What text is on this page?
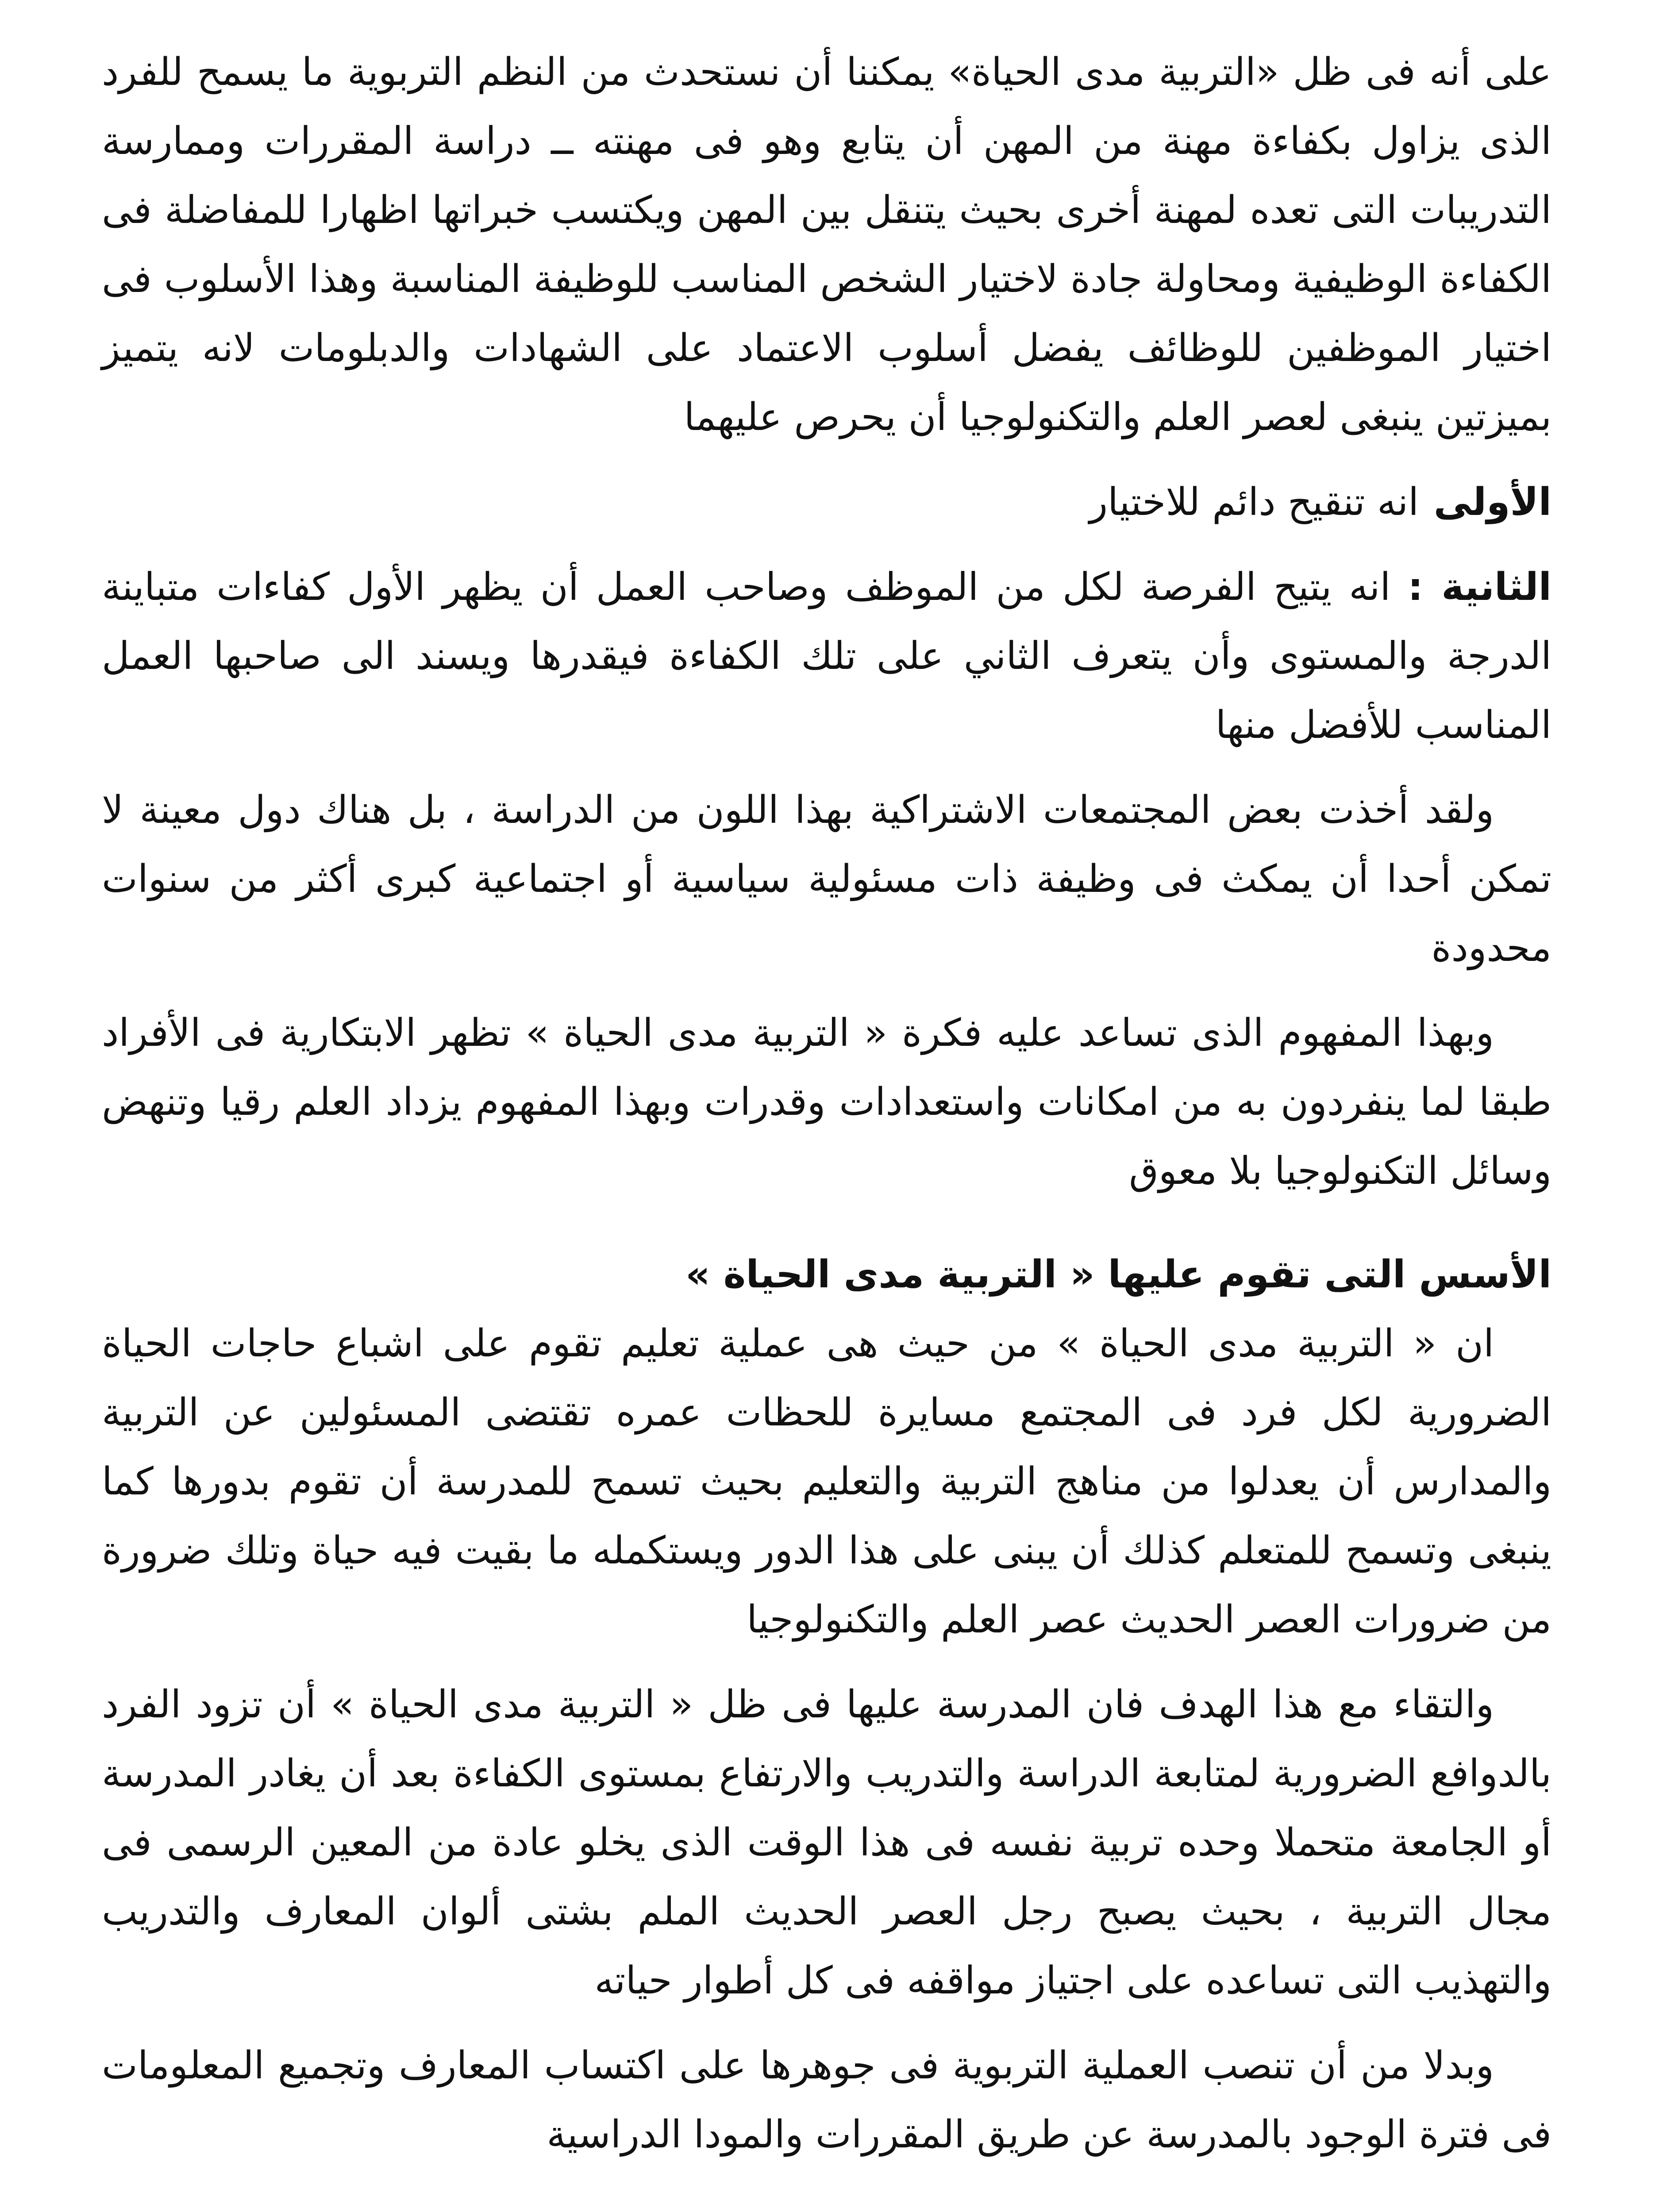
على أنه فى ظل «التربية مدى الحياة» يمكننا أن نستحدث من النظم التربوية ما يسمح للفرد الذى يزاول بكفاءة مهنة من المهن أن يتابع وهو فى مهنته ــ دراسة المقررات وممارسة التدريبات التى تعده لمهنة أخرى بحيث يتنقل بين المهن ويكتسب خبراتها اظهارا للمفاضلة فى الكفاءة الوظيفية ومحاولة جادة لاختيار الشخص المناسب للوظيفة المناسبة وهذا الأسلوب فى اختيار الموظفين للوظائف يفضل أسلوب الاعتماد على الشهادات والدبلومات لانه يتميز بميزتين ينبغى لعصر العلم والتكنولوجيا أن يحرص عليهما

الأولىانه تنقيح دائم للاختيار

الثانية : انه يتيح الفرصة لكل من الموظف وصاحب العمل أن يظهر الأول كفاءات متباينة الدرجة والمستوى وأن يتعرف الثاني على تلك الكفاءة فيقدرها ويسند الى صاحبها العمل المناسب للأفضل منها

ولقد أخذت بعض المجتمعات الاشتراكية بهذا اللون من الدراسة ، بل هناك دول معينة لا تمكن أحدا أن يمكث فى وظيفة ذات مسئولية سياسية أو اجتماعية كبرى أكثر من سنوات محدودة

وبهذا المفهوم الذى تساعد عليه فكرة « التربية مدى الحياة » تظهر الابتكارية فى الأفراد طبقا لما ينفردون به من امكانات واستعدادات وقدرات وبهذا المفهوم يزداد العلم رقيا وتنهض وسائل التكنولوجيا بلا معوق

الأسس التى تقوم عليها « التربية مدى الحياة »

ان « التربية مدى الحياة » من حيث هى عملية تعليم تقوم على اشباع حاجات الحياة الضرورية لكل فرد فى المجتمع مسايرة للحظات عمره تقتضى المسئولين عن التربية والمدارس أن يعدلوا من مناهج التربية والتعليم بحيث تسمح للمدرسة أن تقوم بدورها كما ينبغى وتسمح للمتعلم كذلك أن يبنى على هذا الدور ويستكمله ما بقيت فيه حياة وتلك ضرورة من ضرورات العصر الحديث عصر العلم والتكنولوجيا

والتقاء مع هذا الهدف فان المدرسة عليها فى ظل « التربية مدى الحياة » أن تزود الفرد بالدوافع الضرورية لمتابعة الدراسة والتدريب والارتفاع بمستوى الكفاءة بعد أن يغادر المدرسة أو الجامعة متحملا وحده تربية نفسه فى هذا الوقت الذى يخلو عادة من المعين الرسمى فى مجال التربية ، بحيث يصبح رجل العصر الحديث الملم بشتى ألوان المعارف والتدريب والتهذيب التى تساعده على اجتياز مواقفه فى كل أطوار حياته

وبدلا من أن تنصب العملية التربوية فى جوهرها على اكتساب المعارف وتجميع المعلومات فى فترة الوجود بالمدرسة عن طريق المقررات والمودا الدراسية
